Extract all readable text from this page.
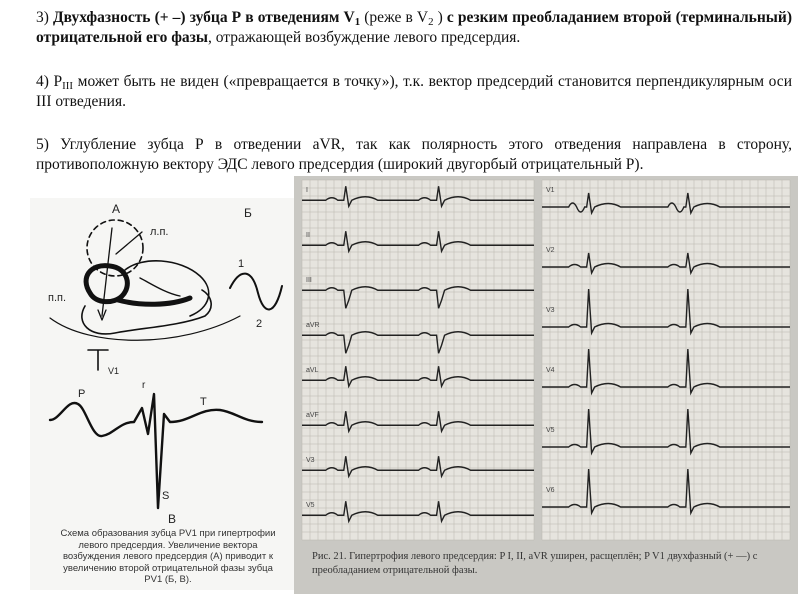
3) Двухфазность (+ –) зубца Р в отведениям $V_1$ (реже в $V_2$ ) с резким преобладанием второй (терминальный) отрицательной его фазы, отражающей возбуждение левого предсердия.
4) $Р_{III}$ может быть не виден («превращается в точку»), т.к. вектор предсердий становится перпендикулярным оси III отведения.
5) Углубление зубца Р в отведении аVR, так как полярность этого отведения направлена в сторону, противоположную вектору ЭДС левого предсердия (широкий двугорбый отрицательный Р).
А	Б
л.п.
п.п.
1
2
V1
P
r
T
S
В
Схема образования зубца PV1 при гипертрофии левого предсердия. Увеличение вектора возбуждения левого предсердия (А) приводит к увеличению второй отрицательной фазы зубца PV1 (Б, В).
I
II
III
aVR
aVL
aVF
V3
V5
V1
V2
V3
V4
V5
V6
Рис. 21. Гипертрофия левого предсердия: P I, II, aVR уширен, расщеплён; P V1 двухфазный (+ —) с преобладанием отрицательной фазы.
